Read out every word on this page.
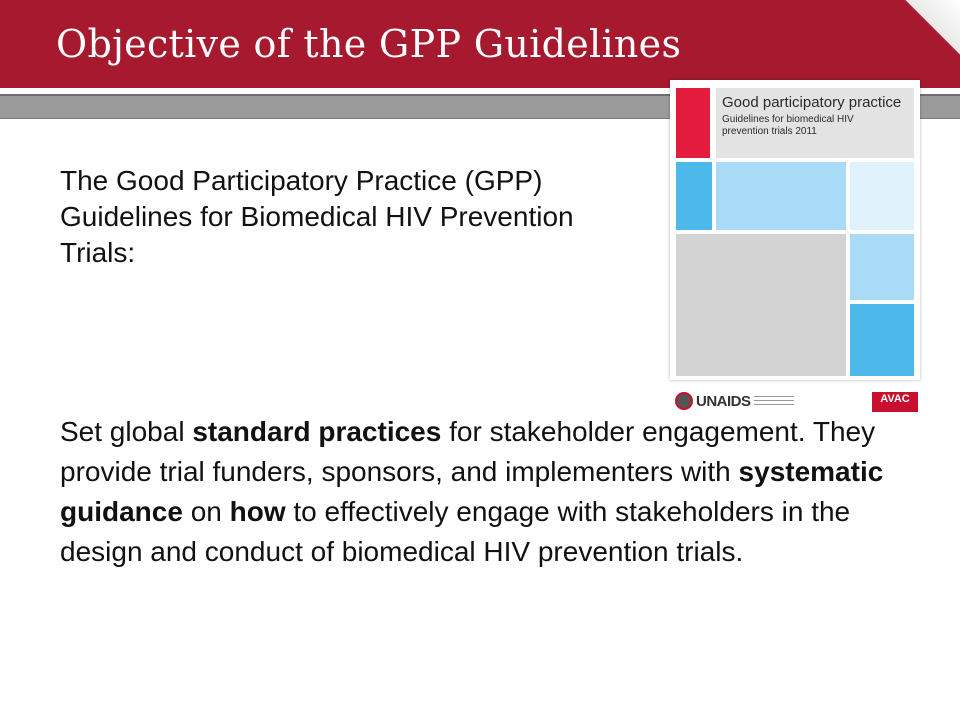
Objective of the GPP Guidelines

The Good Participatory Practice (GPP) Guidelines for Biomedical HIV Prevention Trials:

Good participatory practice

Guidelines for biomedical HIV prevention trials 2011

UNAIDS	AVAC

Set global standard practices for stakeholder engagement. They provide trial funders, sponsors, and implementers with systematic guidance on how to effectively engage with stakeholders in the design and conduct of biomedical HIV prevention trials.
